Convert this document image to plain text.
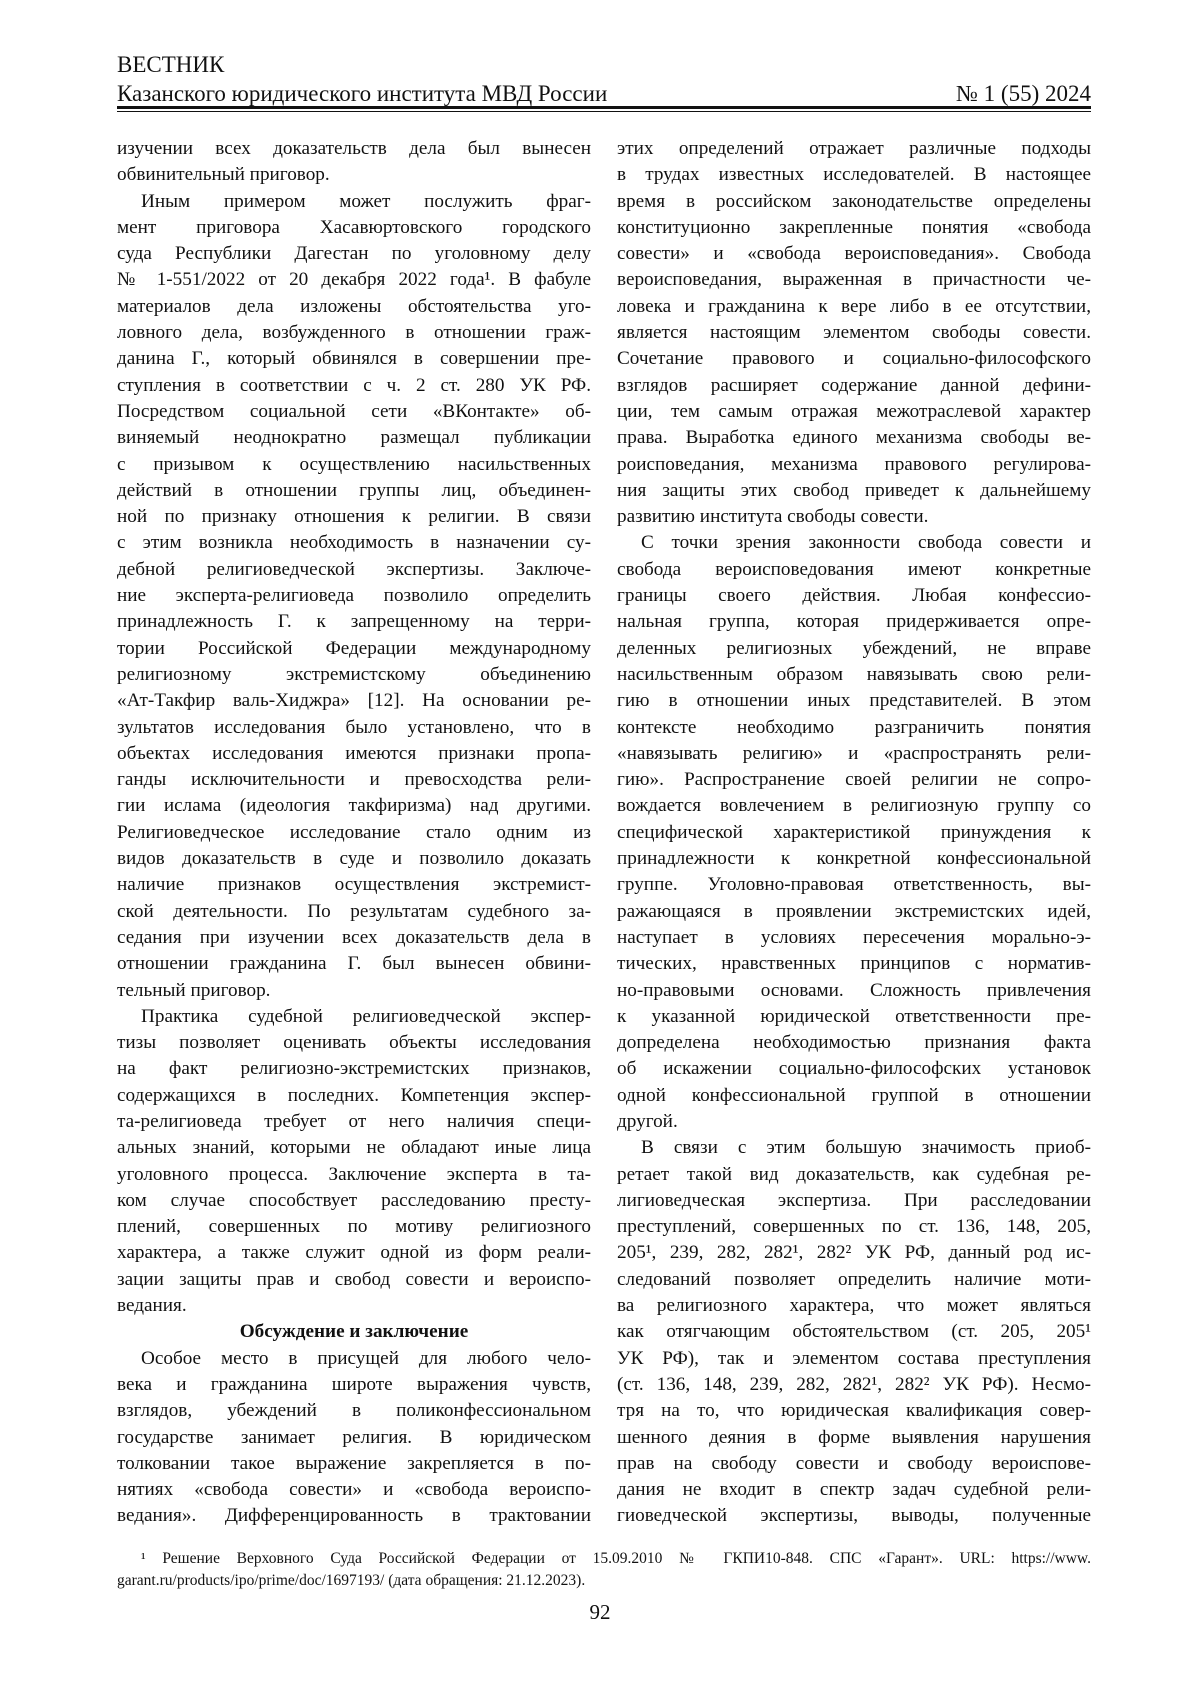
ВЕСТНИК
Казанского юридического института МВД России	№ 1 (55) 2024
изучении всех доказательств дела был вынесен
обвинительный приговор.
Иным примером может послужить фраг-
мент приговора Хасавюртовского городского
суда Республики Дагестан по уголовному делу
№ 1-551/2022 от 20 декабря 2022 года¹. В фабуле
материалов дела изложены обстоятельства уго-
ловного дела, возбужденного в отношении граж-
данина Г., который обвинялся в совершении пре-
ступления в соответствии с ч. 2 ст. 280 УК РФ.
Посредством социальной сети «ВКонтакте» об-
виняемый неоднократно размещал публикации
с призывом к осуществлению насильственных
действий в отношении группы лиц, объединен-
ной по признаку отношения к религии. В связи
с этим возникла необходимость в назначении су-
дебной религиоведческой экспертизы. Заключе-
ние эксперта-религиоведа позволило определить
принадлежность Г. к запрещенному на терри-
тории Российской Федерации международному
религиозному экстремистскому объединению
«Ат-Такфир валь-Хиджра» [12]. На основании ре-
зультатов исследования было установлено, что в
объектах исследования имеются признаки пропа-
ганды исключительности и превосходства рели-
гии ислама (идеология такфиризма) над другими.
Религиоведческое исследование стало одним из
видов доказательств в суде и позволило доказать
наличие признаков осуществления экстремист-
ской деятельности. По результатам судебного за-
седания при изучении всех доказательств дела в
отношении гражданина Г. был вынесен обвини-
тельный приговор.
Практика судебной религиоведческой экспер-
тизы позволяет оценивать объекты исследования
на факт религиозно-экстремистских признаков,
содержащихся в последних. Компетенция экспер-
та-религиоведа требует от него наличия специ-
альных знаний, которыми не обладают иные лица
уголовного процесса. Заключение эксперта в та-
ком случае способствует расследованию престу-
плений, совершенных по мотиву религиозного
характера, а также служит одной из форм реали-
зации защиты прав и свобод совести и вероиспо-
ведания.
Обсуждение и заключение
Особое место в присущей для любого чело-
века и гражданина широте выражения чувств,
взглядов, убеждений в поликонфессиональном
государстве занимает религия. В юридическом
толковании такое выражение закрепляется в по-
нятиях «свобода совести» и «свобода вероиспо-
ведания». Дифференцированность в трактовании
этих определений отражает различные подходы
в трудах известных исследователей. В настоящее
время в российском законодательстве определены
конституционно закрепленные понятия «свобода
совести» и «свобода вероисповедания». Свобода
вероисповедания, выраженная в причастности че-
ловека и гражданина к вере либо в ее отсутствии,
является настоящим элементом свободы совести.
Сочетание правового и социально-философского
взглядов расширяет содержание данной дефини-
ции, тем самым отражая межотраслевой характер
права. Выработка единого механизма свободы ве-
роисповедания, механизма правового регулирова-
ния защиты этих свобод приведет к дальнейшему
развитию института свободы совести.
С точки зрения законности свобода совести и
свобода вероисповедования имеют конкретные
границы своего действия. Любая конфессио-
нальная группа, которая придерживается опре-
деленных религиозных убеждений, не вправе
насильственным образом навязывать свою рели-
гию в отношении иных представителей. В этом
контексте необходимо разграничить понятия
«навязывать религию» и «распространять рели-
гию». Распространение своей религии не сопро-
вождается вовлечением в религиозную группу со
специфической характеристикой принуждения к
принадлежности к конкретной конфессиональной
группе. Уголовно-правовая ответственность, вы-
ражающаяся в проявлении экстремистских идей,
наступает в условиях пересечения морально-э-
тических, нравственных принципов с норматив-
но-правовыми основами. Сложность привлечения
к указанной юридической ответственности пре-
допределена необходимостью признания факта
об искажении социально-философских установок
одной конфессиональной группой в отношении
другой.
В связи с этим большую значимость приоб-
ретает такой вид доказательств, как судебная ре-
лигиоведческая экспертиза. При расследовании
преступлений, совершенных по ст. 136, 148, 205,
205¹, 239, 282, 282¹, 282² УК РФ, данный род ис-
следований позволяет определить наличие моти-
ва религиозного характера, что может являться
как отягчающим обстоятельством (ст. 205, 205¹
УК РФ), так и элементом состава преступления
(ст. 136, 148, 239, 282, 282¹, 282² УК РФ). Несмо-
тря на то, что юридическая квалификация совер-
шенного деяния в форме выявления нарушения
прав на свободу совести и свободу вероиспове-
дания не входит в спектр задач судебной рели-
гиоведческой экспертизы, выводы, полученные
¹ Решение Верховного Суда Российской Федерации от 15.09.2010 № ГКПИ10-848. СПС «Гарант». URL: https://www.
garant.ru/products/ipo/prime/doc/1697193/ (дата обращения: 21.12.2023).
92
